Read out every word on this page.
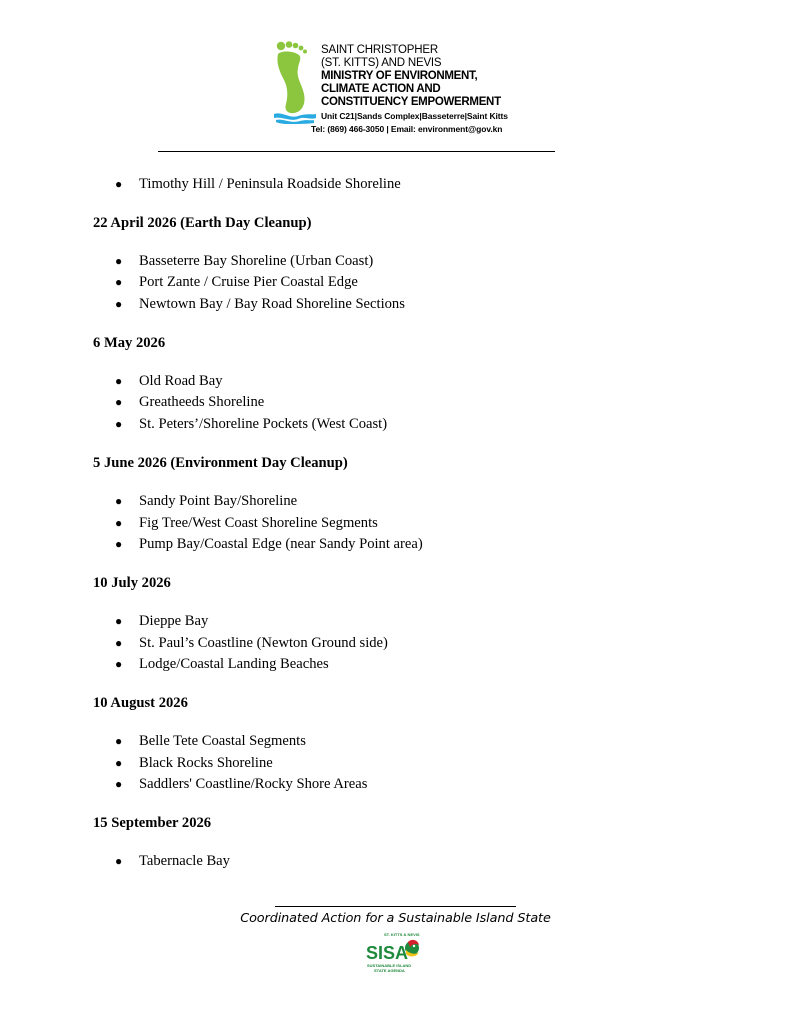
SAINT CHRISTOPHER
(ST. KITTS) AND NEVIS
MINISTRY OF ENVIRONMENT,
CLIMATE ACTION AND
CONSTITUENCY EMPOWERMENT
Unit C21|Sands Complex|Basseterre|Saint Kitts
Tel: (869) 466-3050 | Email: environment@gov.kn
● Timothy Hill / Peninsula Roadside Shoreline
22 April 2026 (Earth Day Cleanup)
● Basseterre Bay Shoreline (Urban Coast)
● Port Zante / Cruise Pier Coastal Edge
● Newtown Bay / Bay Road Shoreline Sections
6 May 2026
● Old Road Bay
● Greatheeds Shoreline
● St. Peters’/Shoreline Pockets (West Coast)
5 June 2026 (Environment Day Cleanup)
● Sandy Point Bay/Shoreline
● Fig Tree/West Coast Shoreline Segments
● Pump Bay/Coastal Edge (near Sandy Point area)
10 July 2026
● Dieppe Bay
● St. Paul’s Coastline (Newton Ground side)
● Lodge/Coastal Landing Beaches
10 August 2026
● Belle Tete Coastal Segments
● Black Rocks Shoreline
● Saddlers' Coastline/Rocky Shore Areas
15 September 2026
● Tabernacle Bay
Coordinated Action for a Sustainable Island State
ST. KITTS & NEVIS
SISA
SUSTAINABLE ISLAND
STATE AGENDA
